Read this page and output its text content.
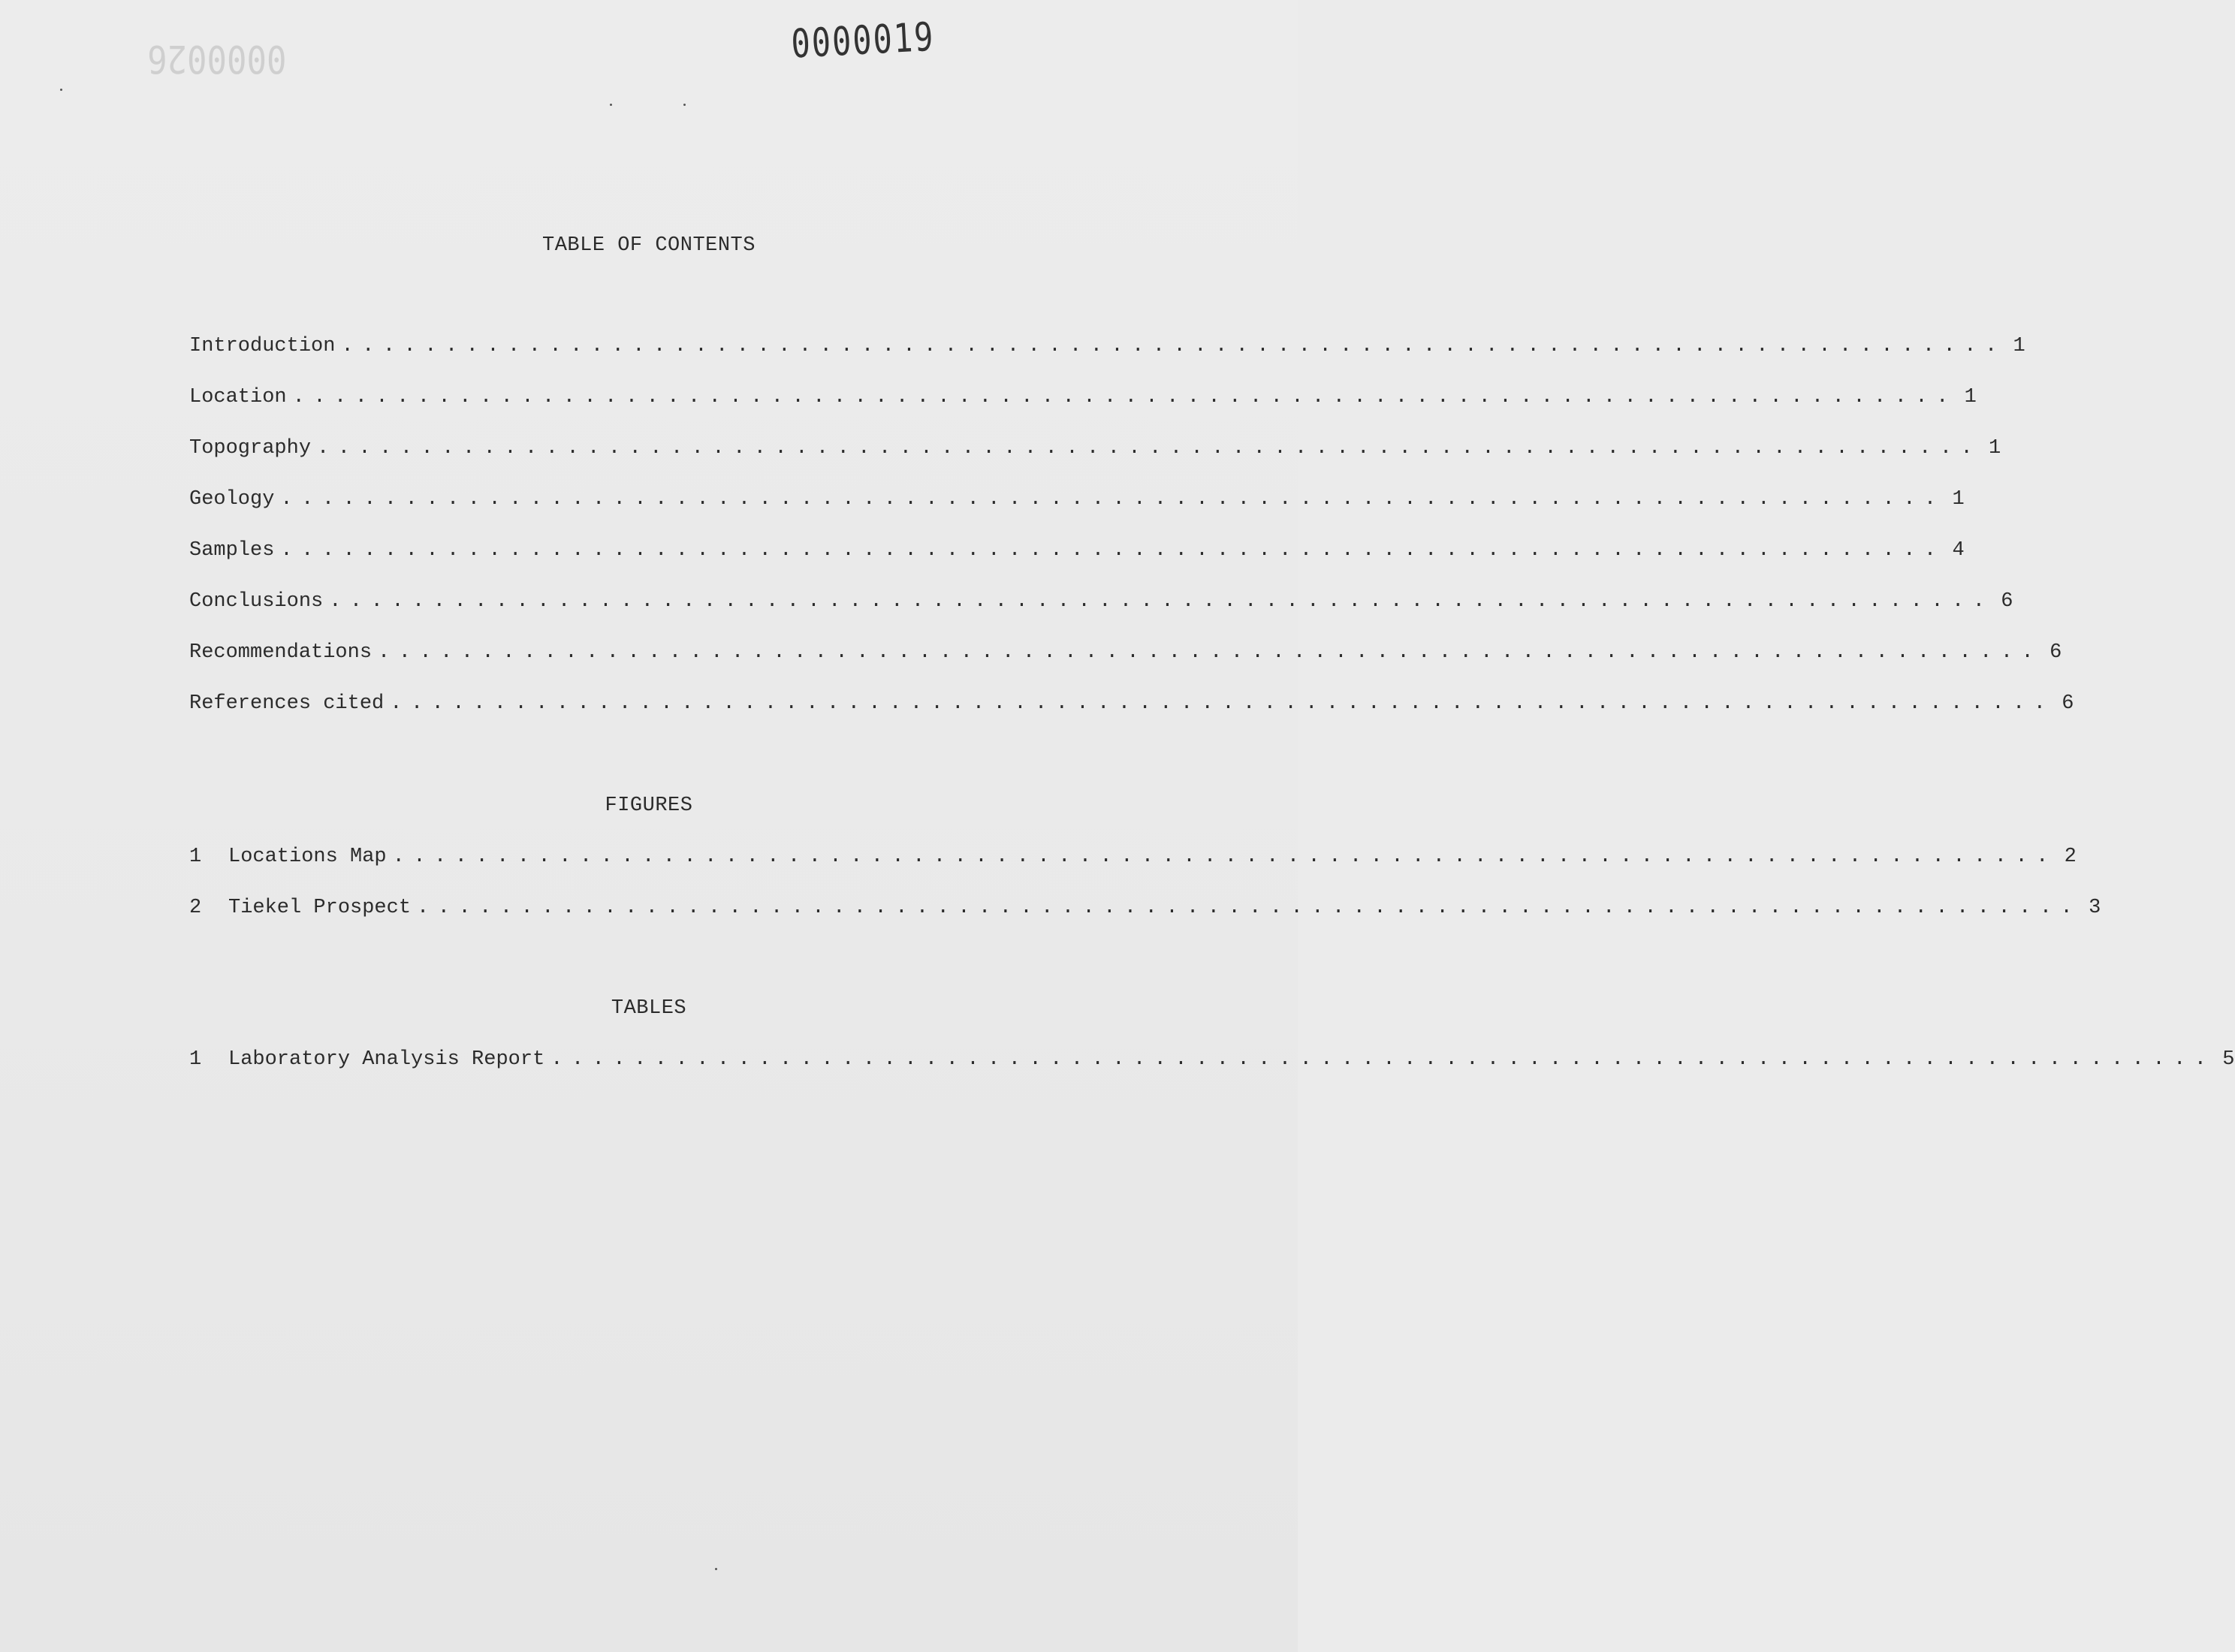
0000026	0000019
TABLE OF CONTENTS
Introduction ................................................................................ 1
Location ................................................................................ 1
Topography ................................................................................ 1
Geology ................................................................................ 1
Samples ................................................................................ 4
Conclusions ................................................................................ 6
Recommendations ................................................................................ 6
References cited ................................................................................ 6
FIGURES
1	Locations Map ................................................................................ 2
2	Tiekel Prospect ................................................................................ 3
TABLES
1	Laboratory Analysis Report ................................................................................ 5
